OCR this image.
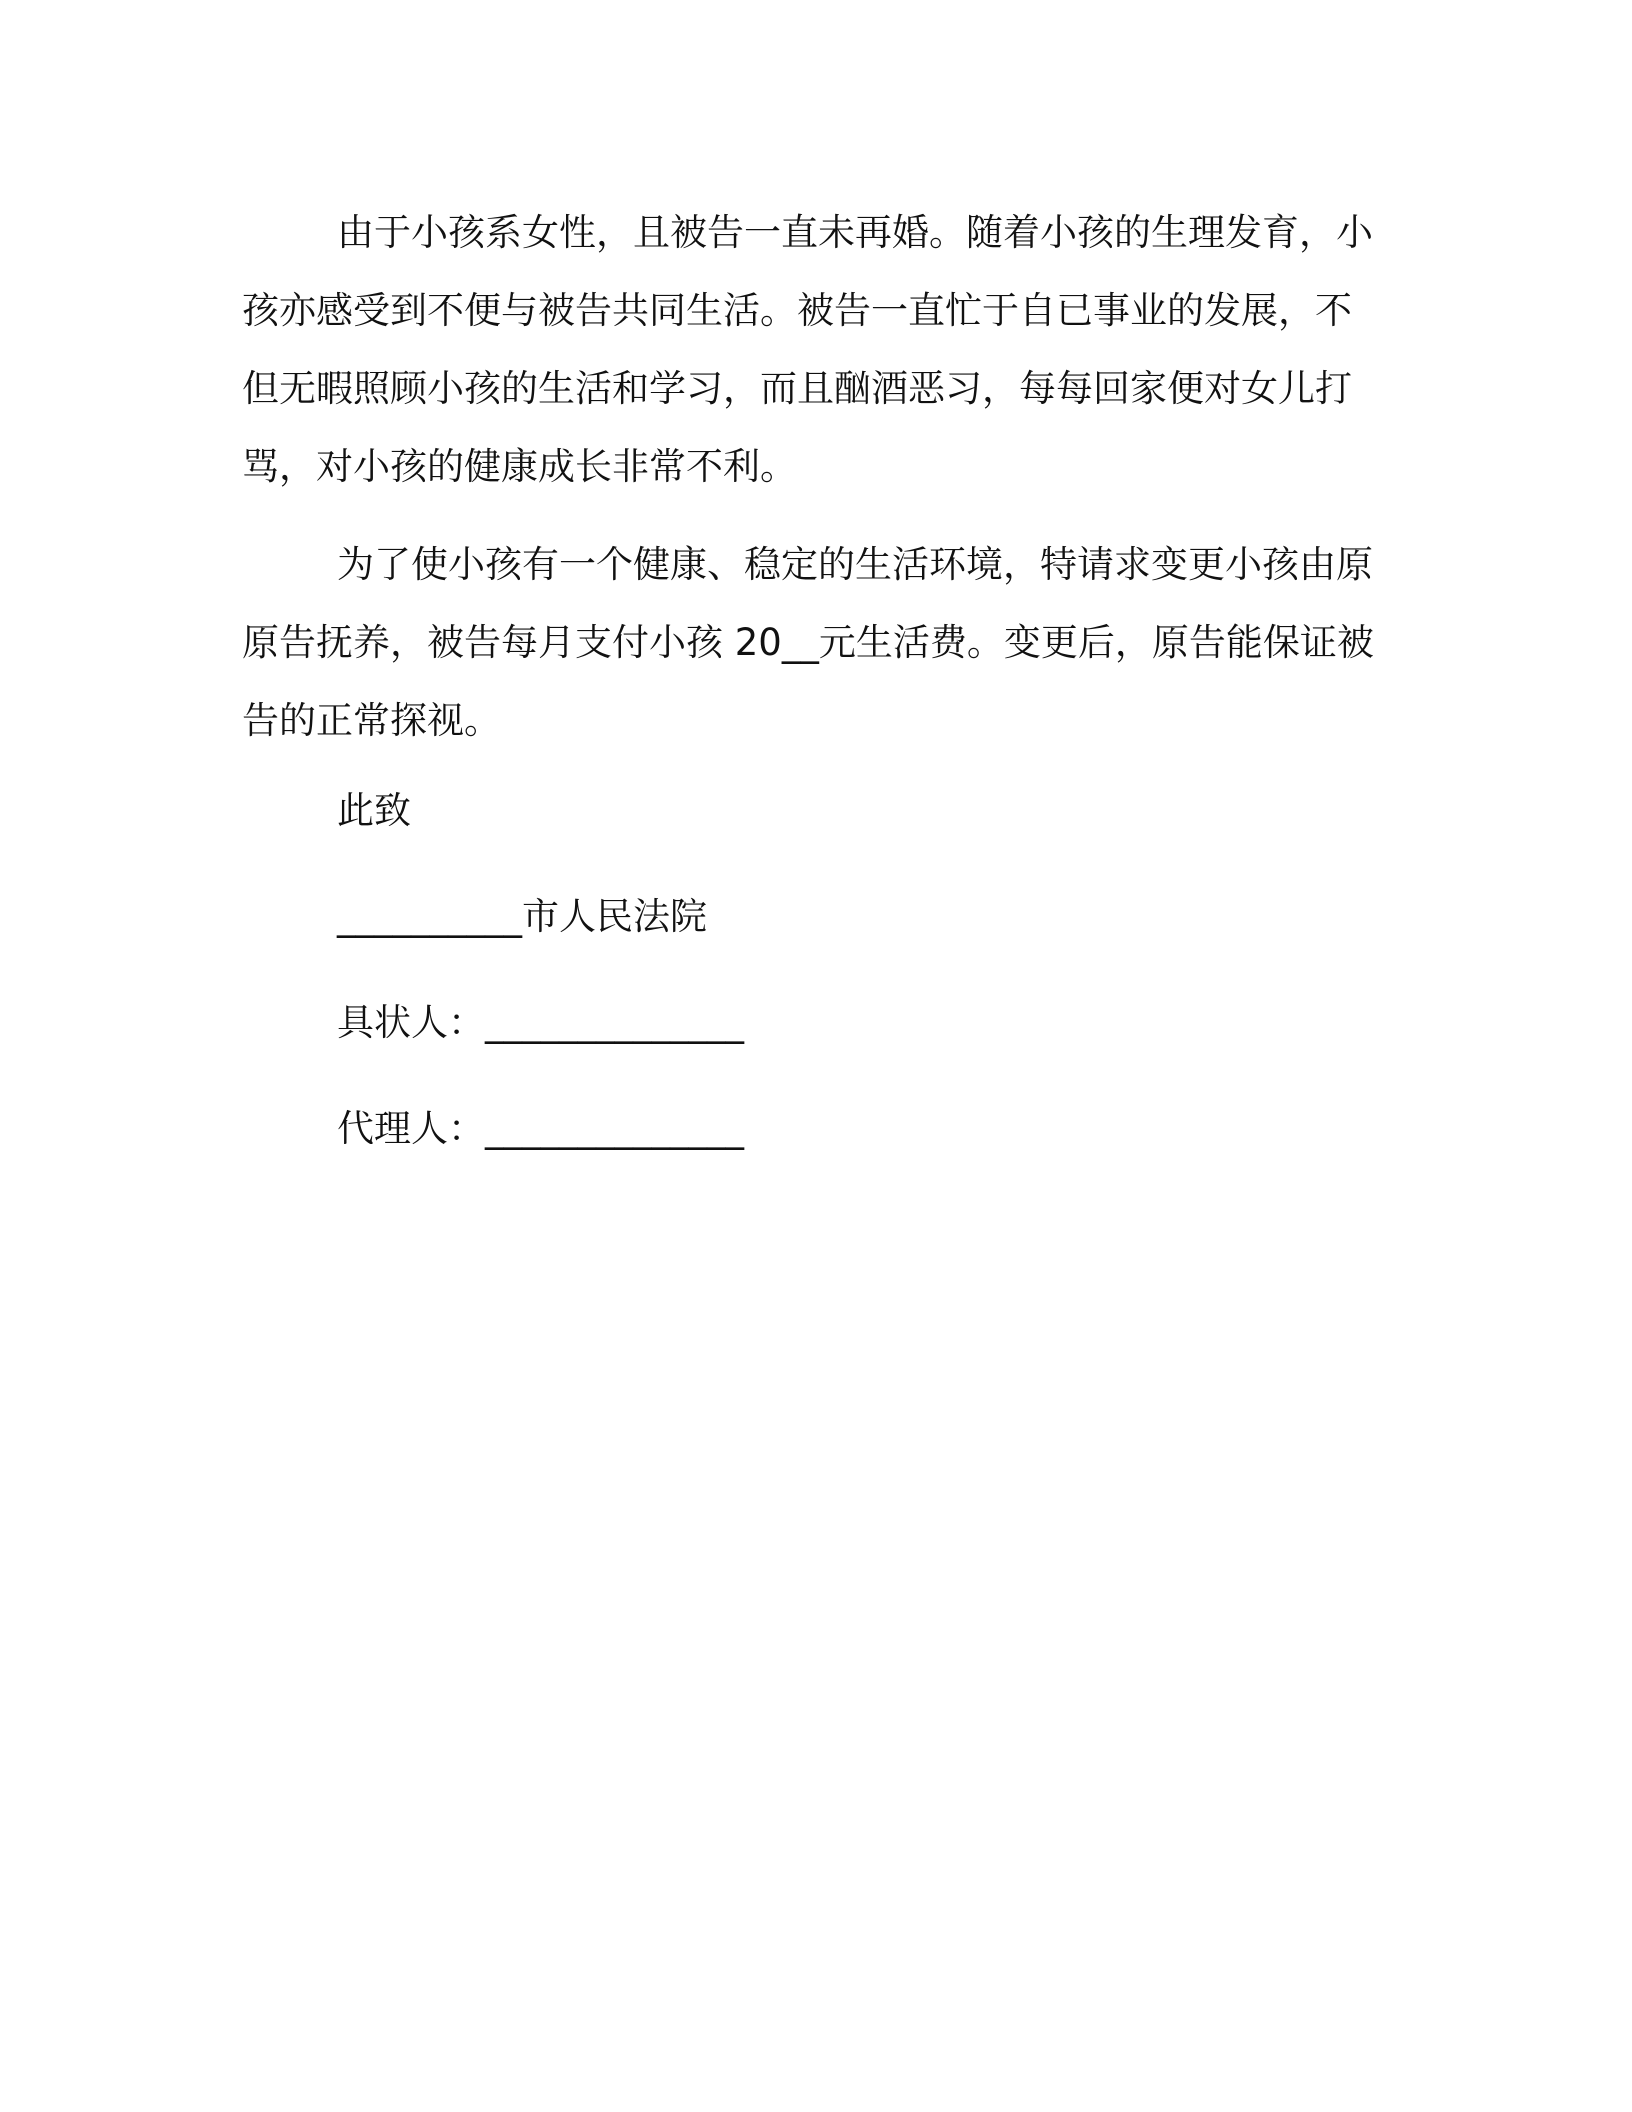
由于小孩系女性，且被告一直未再婚。随着小孩的生理发育，小孩亦感受到不便与被告共同生活。被告一直忙于自已事业的发展，不但无暇照顾小孩的生活和学习，而且酗酒恶习，每每回家便对女儿打骂，对小孩的健康成长非常不利。

为了使小孩有一个健康、稳定的生活环境，特请求变更小孩由原原告抚养，被告每月支付小孩 20__元生活费。变更后，原告能保证被告的正常探视。

此致

__________市人民法院

具状人：______________

代理人：______________
